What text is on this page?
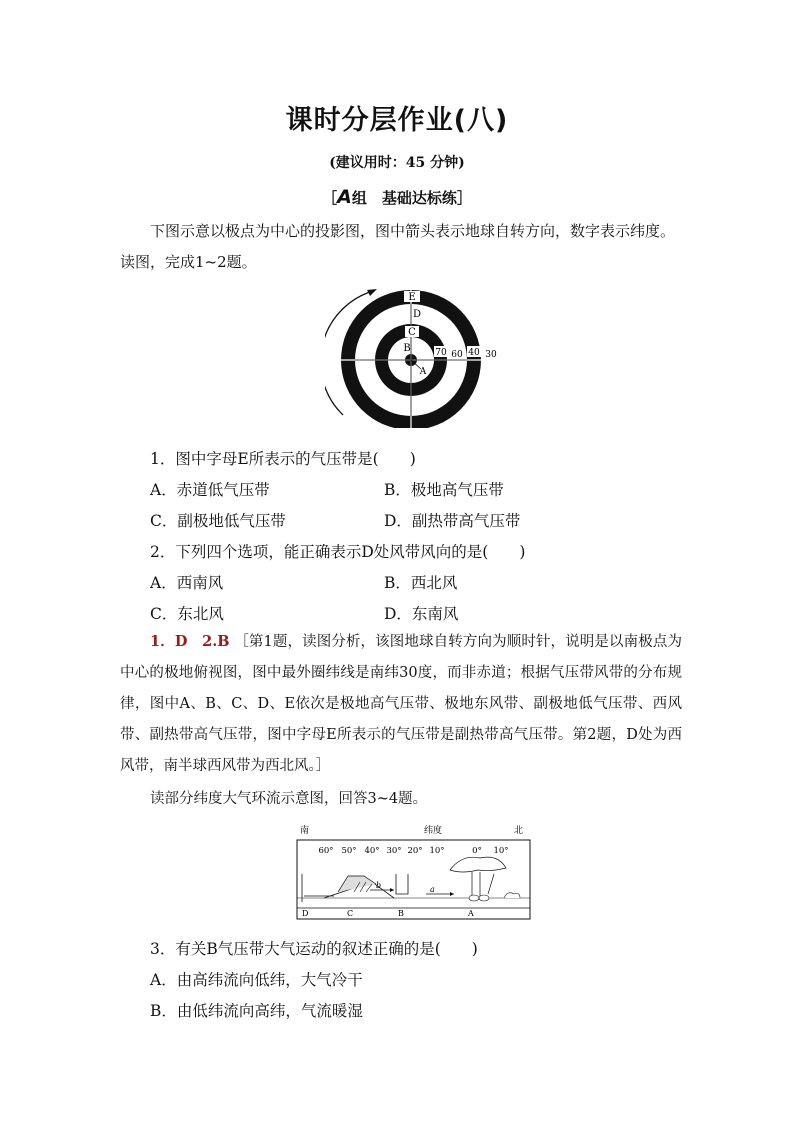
课时分层作业(八)
(建议用时：45 分钟)
［A组　基础达标练］

下图示意以极点为中心的投影图，图中箭头表示地球自转方向，数字表示纬度。读图，完成1~2题。

E
D
C
B
A
70 60 40 30
1．图中字母E所表示的气压带是(　　)
A．赤道低气压带	B．极地高气压带
C．副极地低气压带	D．副热带高气压带
2．下列四个选项，能正确表示D处风带风向的是(　　)
A．西南风	B．西北风
C．东北风	D．东南风

1．D　2.B ［第1题，读图分析，该图地球自转方向为顺时针，说明是以南极点为中心的极地俯视图，图中最外圈纬线是南纬30度，而非赤道；根据气压带风带的分布规律，图中A、B、C、D、E依次是极地高气压带、极地东风带、副极地低气压带、西风带、副热带高气压带，图中字母E所表示的气压带是副热带高气压带。第2题，D处为西风带，南半球西风带为西北风。］

读部分纬度大气环流示意图，回答3~4题。

南	纬度	北
60° 50° 40° 30° 20° 10°	0° 10°
b	a
D	C	B	A
3．有关B气压带大气运动的叙述正确的是(　　)
A．由高纬流向低纬，大气冷干
B．由低纬流向高纬，气流暖湿
